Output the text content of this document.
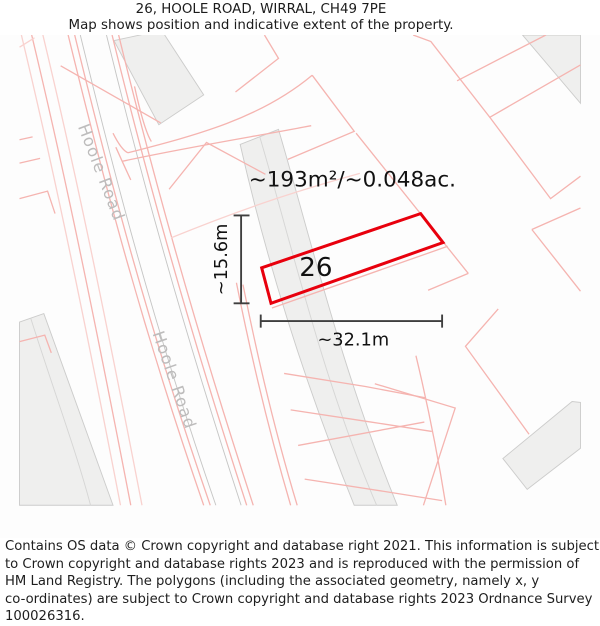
26, HOOLE ROAD, WIRRAL, CH49 7PE
Map shows position and indicative extent of the property.
Hoole Road
Hoole Road
~193m²/~0.048ac.
26
~15.6m
~32.1m
Contains OS data © Crown copyright and database right 2021. This information is subject
to Crown copyright and database rights 2023 and is reproduced with the permission of
HM Land Registry. The polygons (including the associated geometry, namely x, y
co-ordinates) are subject to Crown copyright and database rights 2023 Ordnance Survey
100026316.
